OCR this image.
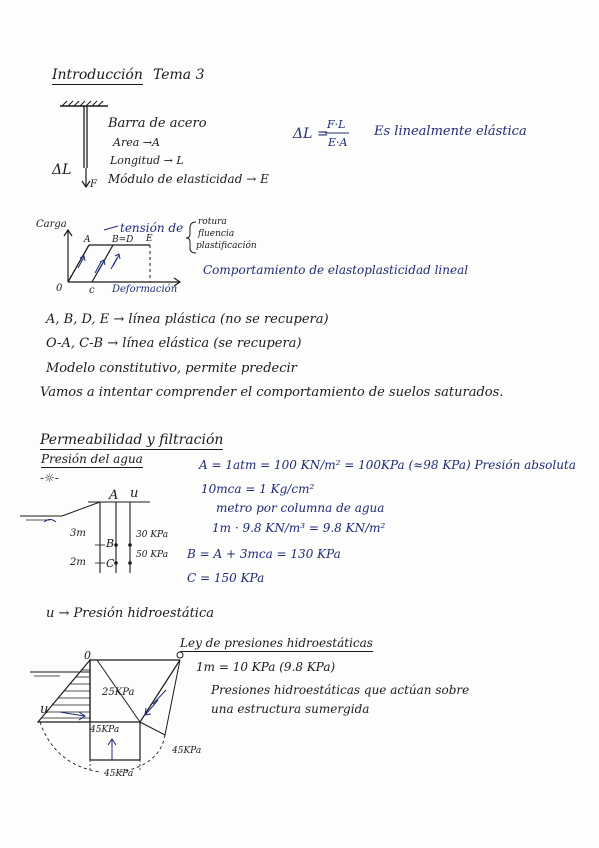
Introducción Tema 3
F
ΔL
Barra de acero
Area →A
Longitud → L
Módulo de elasticidad → E
ΔL =
F·L
E·A
Es linealmente elástica
Carga	tensión de rotura
fluencia
plastificación
A B=D E
0	c Deformación
Comportamiento de elastoplasticidad lineal
A, B, D, E → línea plástica (no se recupera)
O-A, C-B → línea elástica (se recupera)
Modelo constitutivo, permite predecir
Vamos a intentar comprender el comportamiento de suelos saturados.
Permeabilidad y filtración
Presión del agua
-☼-
A u
3m
2m
B
C
30 KPa
50 KPa
A = 1atm = 100 KN/m² = 100KPa (≈98 KPa) Presión absoluta
10mca = 1 Kg/cm²
metro por columna de agua
1m · 9.8 KN/m³ = 9.8 KN/m²
B = A + 3mca = 130 KPa
C = 150 KPa
u → Presión hidroestática
Ley de presiones hidroestáticas
1m = 10 KPa (9.8 KPa)
Presiones hidroestáticas que actúan sobre
una estructura sumergida
0
25KPa
45KPa
45KPa
45KPa
u
